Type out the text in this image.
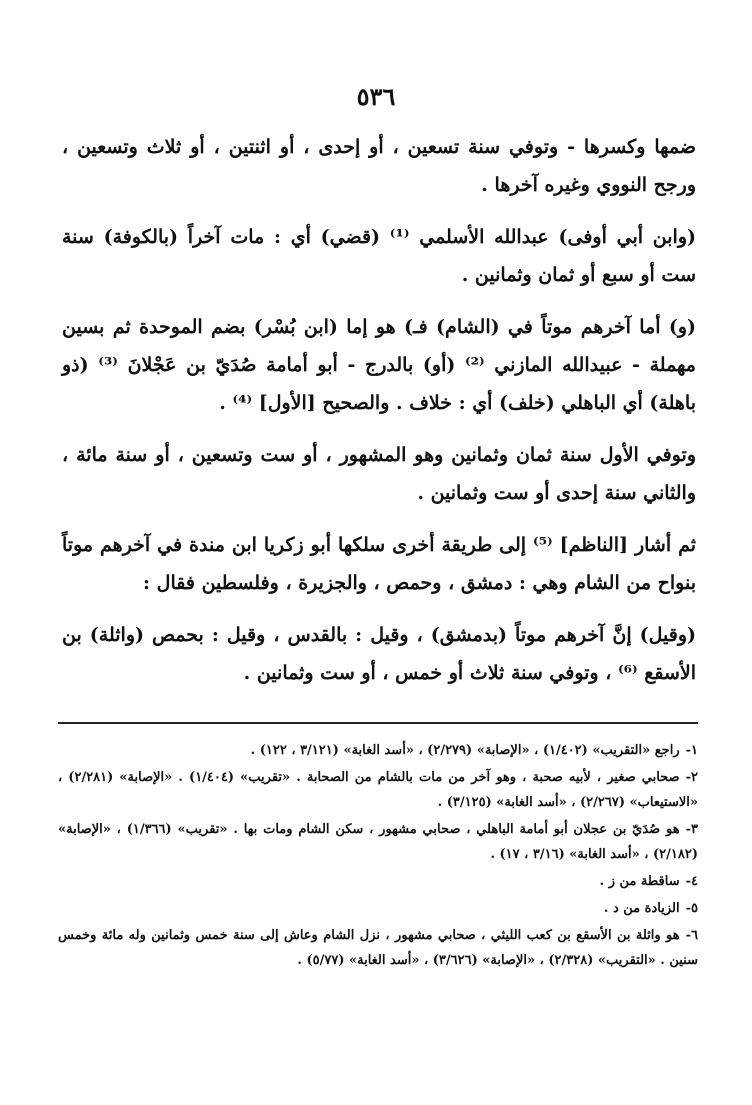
٥٣٦

ضمها وكسرها - وتوفي سنة تسعين ، أو إحدى ، أو اثنتين ، أو ثلاث وتسعين ، ورجح النووي وغيره آخرها .

(وابن أبي أوفى) عبدالله الأسلمي ⁽¹⁾ (قضي) أي : مات آخراً (بالكوفة) سنة ست أو سبع أو ثمان وثمانين .

(و) أما آخرهم موتاً في (الشام) فـ) هو إما (ابن بُسْر) بضم الموحدة ثم بسين مهملة - عبيدالله المازني ⁽²⁾ (أو) بالدرج - أبو أمامة صُدَيّ بن عَجْلانَ ⁽³⁾ (ذو باهلة) أي الباهلي (خلف) أي : خلاف . والصحيح [الأول] ⁽⁴⁾ .

وتوفي الأول سنة ثمان وثمانين وهو المشهور ، أو ست وتسعين ، أو سنة مائة ، والثاني سنة إحدى أو ست وثمانين .

ثم أشار [الناظم] ⁽⁵⁾ إلى طريقة أخرى سلكها أبو زكريا ابن مندة في آخرهم موتاً بنواح من الشام وهي : دمشق ، وحمص ، والجزيرة ، وفلسطين فقال :

(وقيل) إنَّ آخرهم موتاً (بدمشق) ، وقيل : بالقدس ، وقيل : بحمص (واثلة) بن الأسقع ⁽⁶⁾ ، وتوفي سنة ثلاث أو خمس ، أو ست وثمانين .

١-راجع «التقريب» (١/٤٠٢) ، «الإصابة» (٢/٢٧٩) ، «أسد الغابة» (٣/١٢١ ، ١٢٢) .
٢-صحابي صغير ، لأبيه صحبة ، وهو آخر من مات بالشام من الصحابة . «تقريب» (١/٤٠٤) . «الإصابة» (٢/٢٨١) ، «الاستيعاب» (٢/٢٦٧) ، «أسد الغابة» (٣/١٢٥) .
٣-هو صُدَيّ بن عجلان أبو أمامة الباهلي ، صحابي مشهور ، سكن الشام ومات بها . «تقريب» (١/٣٦٦) ، «الإصابة» (٢/١٨٢) ، «أسد الغابة» (٣/١٦ ، ١٧) .
٤-ساقطة من ز .
٥-الزيادة من د .
٦-هو واثلة بن الأسقع بن كعب الليثي ، صحابي مشهور ، نزل الشام وعاش إلى سنة خمس وثمانين وله مائة وخمس سنين . «التقريب» (٢/٣٢٨) ، «الإصابة» (٣/٦٢٦) ، «أسد الغابة» (٥/٧٧) .
